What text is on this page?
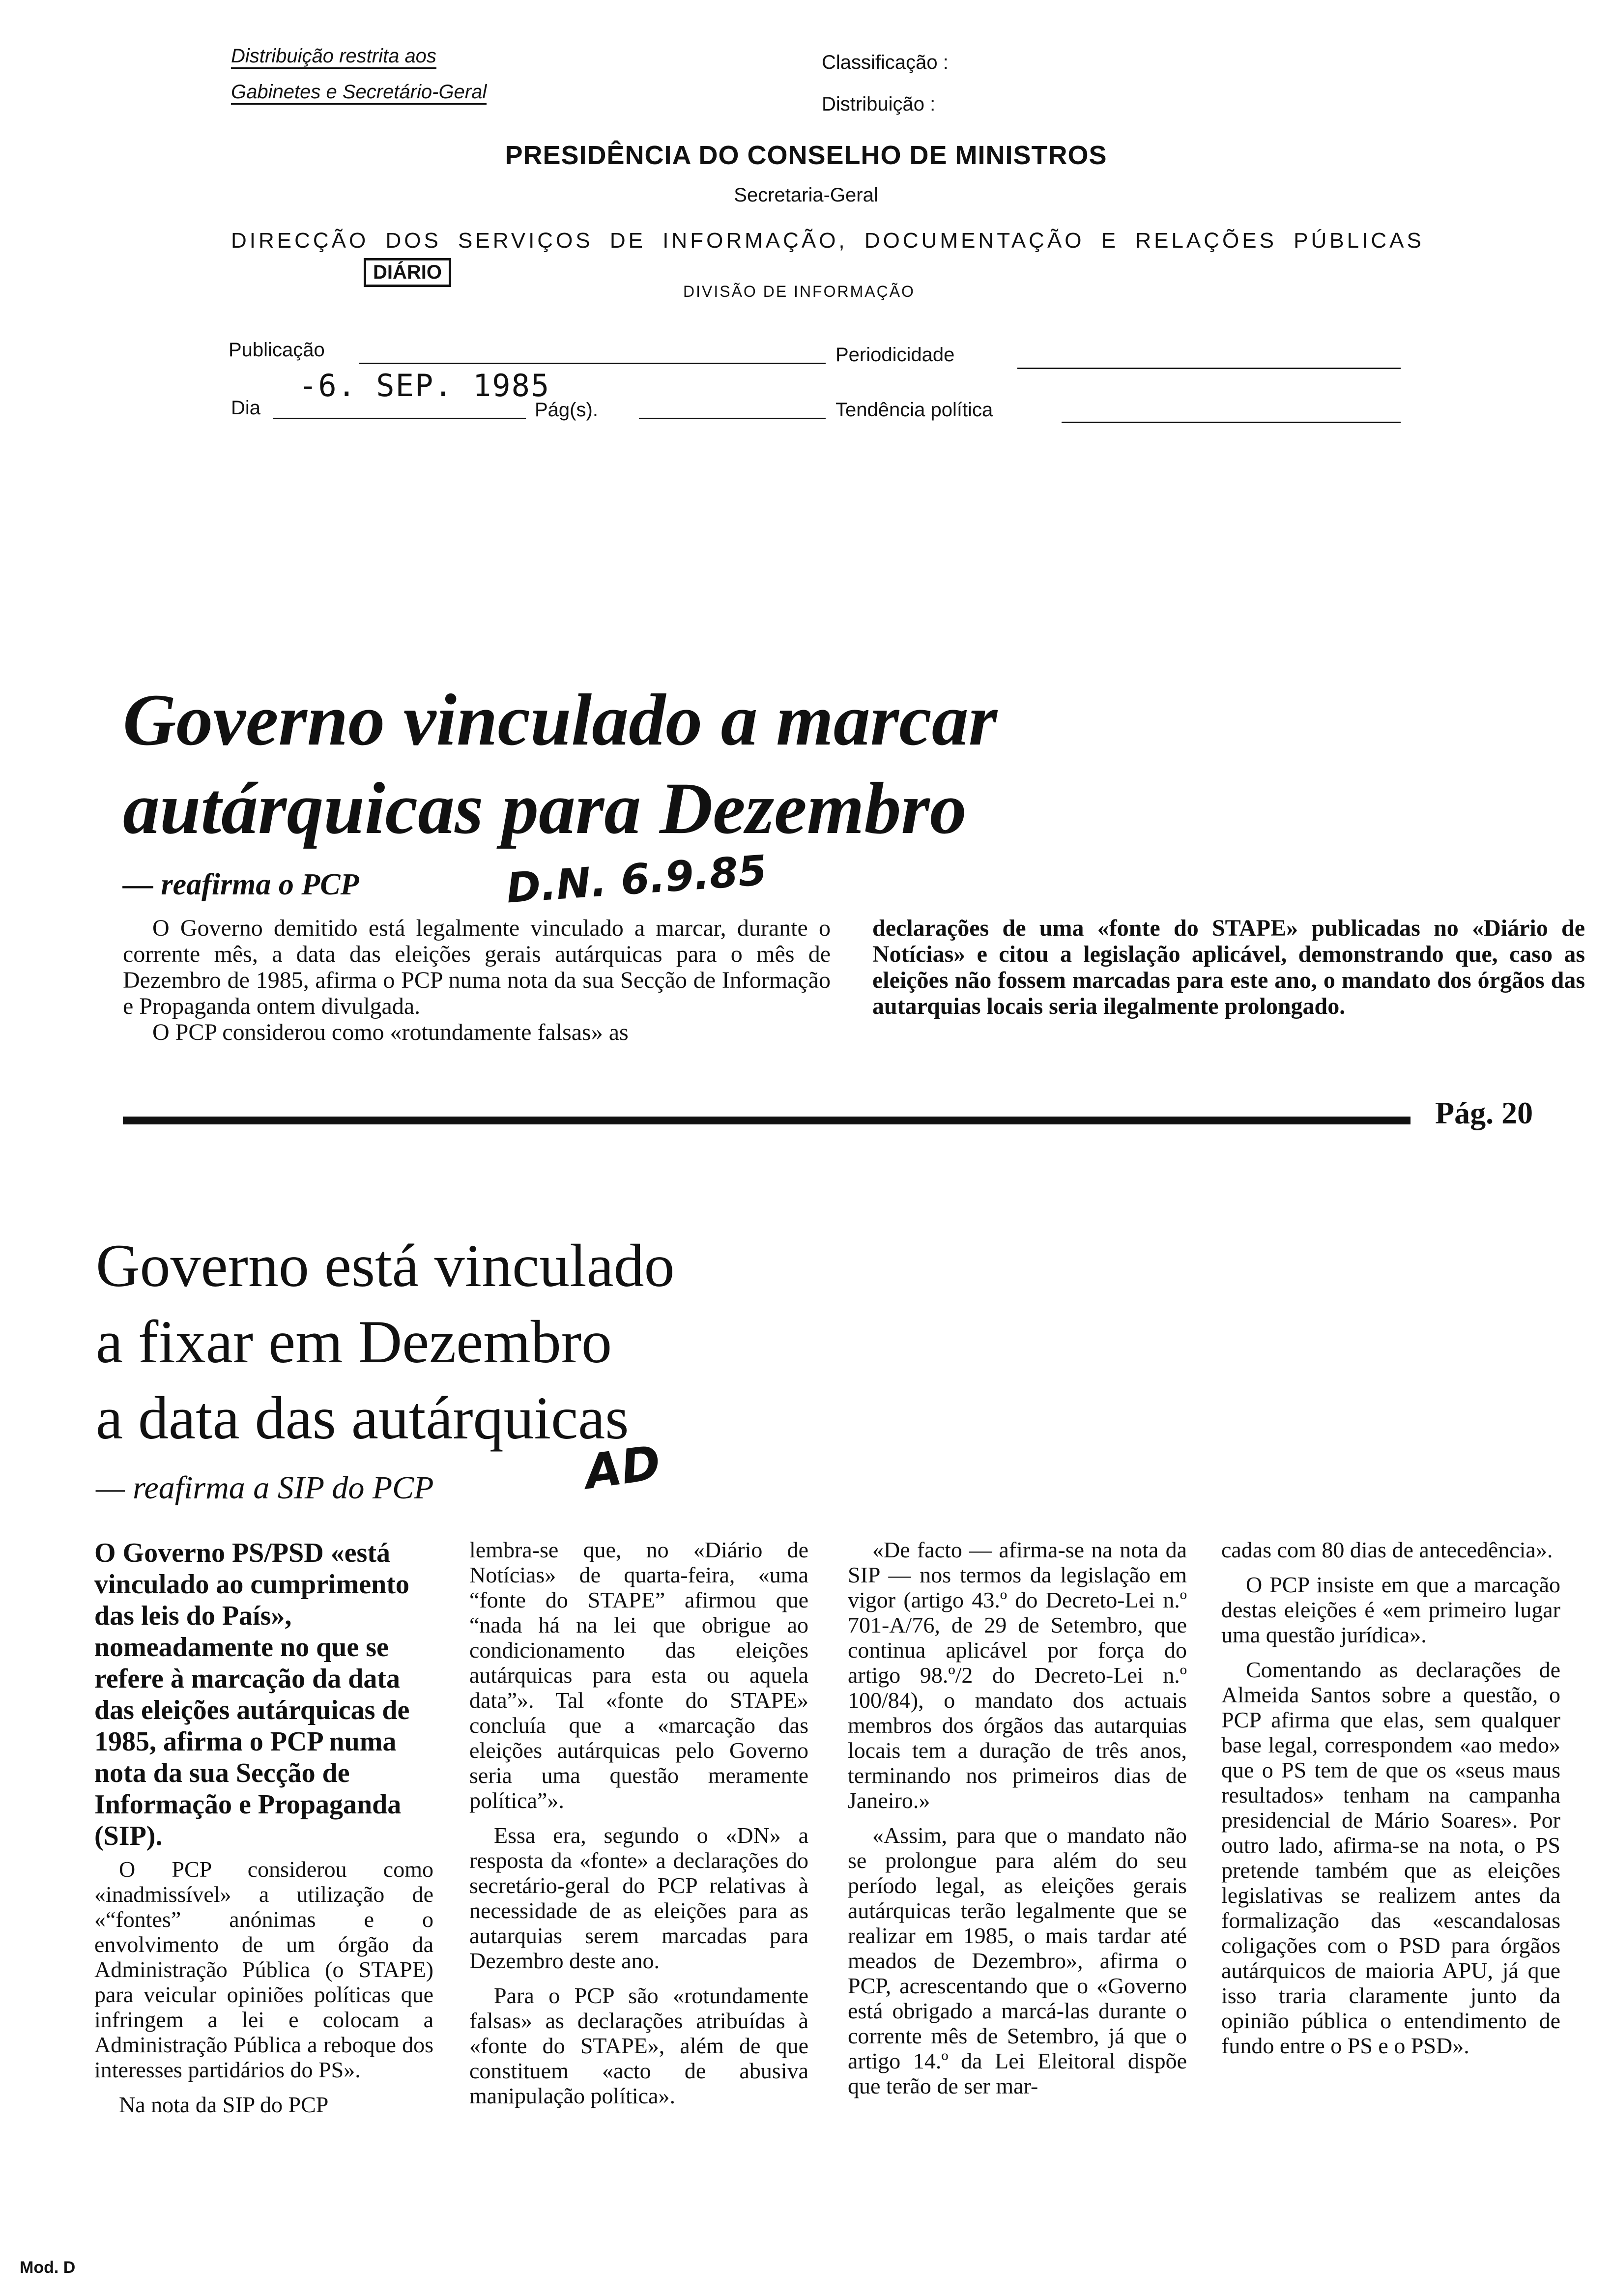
Distribuição restrita aos
Gabinetes e Secretário-Geral
Classificação :
Distribuição :
PRESIDÊNCIA DO CONSELHO DE MINISTROS
Secretaria-Geral
DIRECÇÃO DOS SERVIÇOS DE INFORMAÇÃO, DOCUMENTAÇÃO E RELAÇÕES PÚBLICAS
DIÁRIO
DIVISÃO DE INFORMAÇÃO
Publicação	Periodicidade
Dia
-6. SEP. 1985
Pág(s).	Tendência política
Governo vinculado a marcar
autárquicas para Dezembro
— reafirma o PCP	D.N. 6.9.85

O Governo demitido está legalmente vinculado a marcar, durante o corrente mês, a data das eleições gerais autárquicas para o mês de Dezembro de 1985, afirma o PCP numa nota da sua Secção de Informação e Propaganda ontem divulgada.

O PCP considerou como «rotundamente falsas» as

declarações de uma «fonte do STAPE» publicadas no «Diário de Notícias» e citou a legislação aplicável, demonstrando que, caso as eleições não fossem marcadas para este ano, o mandato dos órgãos das autarquias locais seria ilegalmente prolongado.

Pág. 20
Governo está vinculado
a fixar em Dezembro
a data das autárquicas
— reafirma a SIP do PCP	AD

O Governo PS/PSD «está vinculado ao cumprimento das leis do País», nomeadamente no que se refere à marcação da data das eleições autárquicas de 1985, afirma o PCP numa nota da sua Secção de Informação e Propaganda (SIP).

O PCP considerou como «inadmissível» a utilização de «“fontes” anónimas e o envolvimento de um órgão da Administração Pública (o STAPE) para veicular opiniões políticas que infringem a lei e colocam a Administração Pública a reboque dos interesses partidários do PS».

Na nota da SIP do PCP

lembra-se que, no «Diário de Notícias» de quarta-feira, «uma “fonte do STAPE” afirmou que “nada há na lei que obrigue ao condicionamento das eleições autárquicas para esta ou aquela data”». Tal «fonte do STAPE» concluía que a «marcação das eleições autárquicas pelo Governo seria uma questão meramente política”».

Essa era, segundo o «DN» a resposta da «fonte» a declarações do secretário-geral do PCP relativas à necessidade de as eleições para as autarquias serem marcadas para Dezembro deste ano.

Para o PCP são «rotundamente falsas» as declarações atribuídas à «fonte do STAPE», além de que constituem «acto de abusiva manipulação política».

«De facto — afirma-se na nota da SIP — nos termos da legislação em vigor (artigo 43.º do Decreto-Lei n.º 701-A/76, de 29 de Setembro, que continua aplicável por força do artigo 98.º/2 do Decreto-Lei n.º 100/84), o mandato dos actuais membros dos órgãos das autarquias locais tem a duração de três anos, terminando nos primeiros dias de Janeiro.»

«Assim, para que o mandato não se prolongue para além do seu período legal, as eleições gerais autárquicas terão legalmente que se realizar em 1985, o mais tardar até meados de Dezembro», afirma o PCP, acrescentando que o «Governo está obrigado a marcá-las durante o corrente mês de Setembro, já que o artigo 14.º da Lei Eleitoral dispõe que terão de ser mar-

cadas com 80 dias de antecedência».

O PCP insiste em que a marcação destas eleições é «em primeiro lugar uma questão jurídica».

Comentando as declarações de Almeida Santos sobre a questão, o PCP afirma que elas, sem qualquer base legal, correspondem «ao medo» que o PS tem de que os «seus maus resultados» tenham na campanha presidencial de Mário Soares». Por outro lado, afirma-se na nota, o PS pretende também que as eleições legislativas se realizem antes da formalização das «escandalosas coligações com o PSD para órgãos autárquicos de maioria APU, já que isso traria claramente junto da opinião pública o entendimento de fundo entre o PS e o PSD».

Mod. D
